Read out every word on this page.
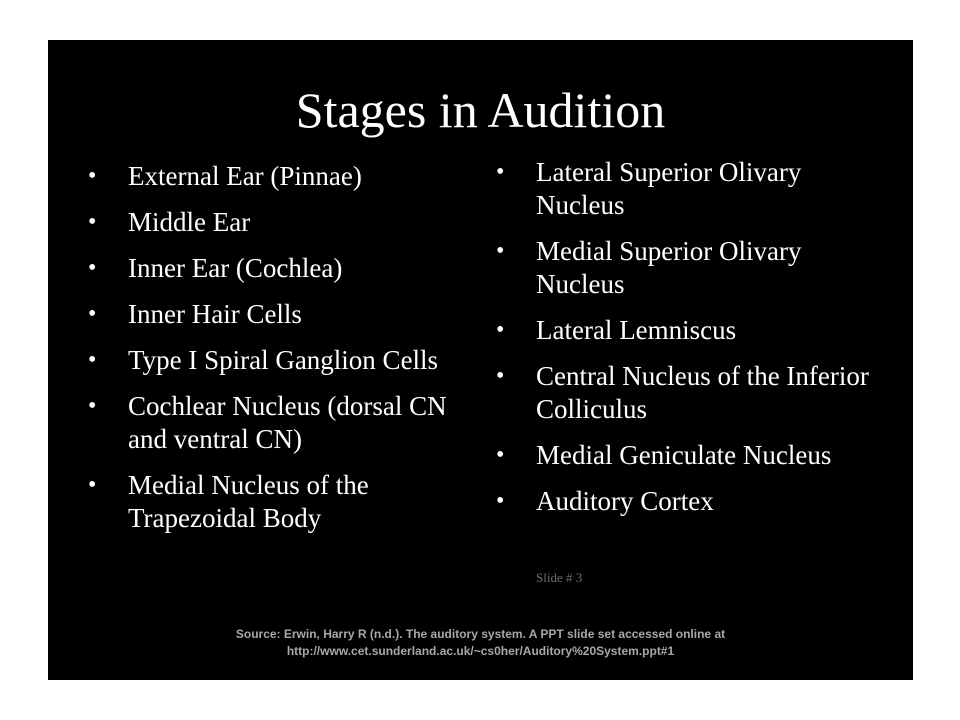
Stages in Audition
• External Ear (Pinnae)
• Middle Ear
• Inner Ear (Cochlea)
• Inner Hair Cells
• Type I Spiral Ganglion Cells
• Cochlear Nucleus (dorsal CN and ventral CN)
• Medial Nucleus of the Trapezoidal Body
• Lateral Superior Olivary Nucleus
• Medial Superior Olivary Nucleus
• Lateral Lemniscus
• Central Nucleus of the Inferior Colliculus
• Medial Geniculate Nucleus
• Auditory Cortex
Slide # 3
Source: Erwin, Harry R (n.d.). The auditory system. A PPT slide set accessed online at
http://www.cet.sunderland.ac.uk/~cs0her/Auditory%20System.ppt#1
